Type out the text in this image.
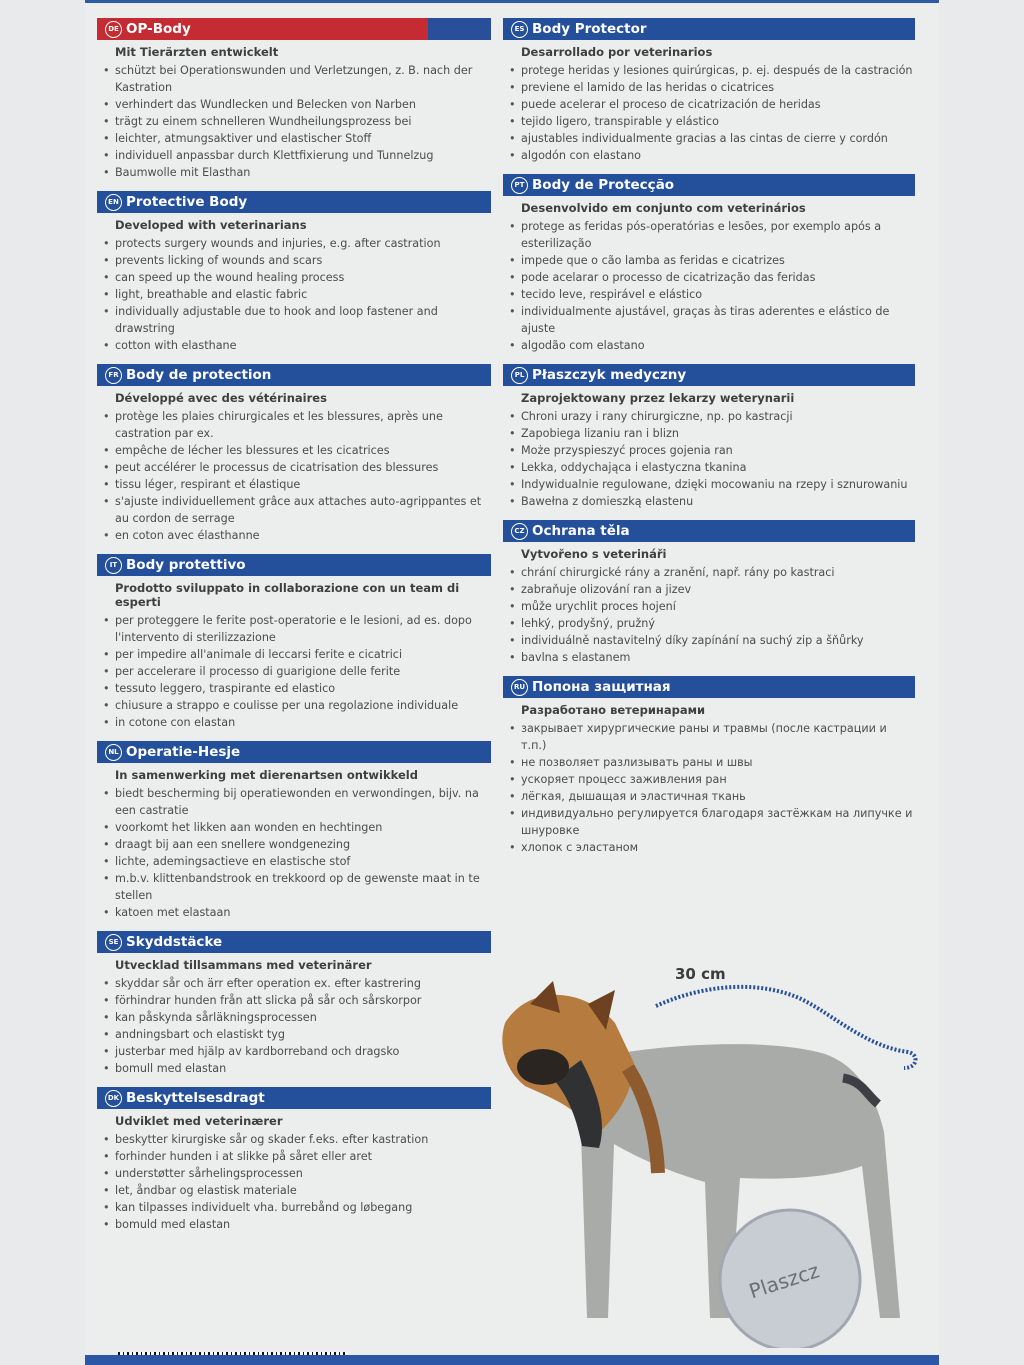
DE OP-Body
Mit Tierärzten entwickelt
• schützt bei Operationswunden und Verletzungen, z. B. nach der Kastration
• verhindert das Wundlecken und Belecken von Narben
• trägt zu einem schnelleren Wundheilungsprozess bei
• leichter, atmungsaktiver und elastischer Stoff
• individuell anpassbar durch Klettfixierung und Tunnelzug
• Baumwolle mit Elasthan
EN Protective Body
Developed with veterinarians
• protects surgery wounds and injuries, e.g. after castration
• prevents licking of wounds and scars
• can speed up the wound healing process
• light, breathable and elastic fabric
• individually adjustable due to hook and loop fastener and drawstring
• cotton with elasthane
FR Body de protection
Développé avec des vétérinaires
• protège les plaies chirurgicales et les blessures, après une castration par ex.
• empêche de lécher les blessures et les cicatrices
• peut accélérer le processus de cicatrisation des blessures
• tissu léger, respirant et élastique
• s'ajuste individuellement grâce aux attaches auto-agrippantes et au cordon de serrage
• en coton avec élasthanne
IT Body protettivo
Prodotto sviluppato in collaborazione con un team di esperti
• per proteggere le ferite post-operatorie e le lesioni, ad es. dopo l'intervento di sterilizzazione
• per impedire all'animale di leccarsi ferite e cicatrici
• per accelerare il processo di guarigione delle ferite
• tessuto leggero, traspirante ed elastico
• chiusure a strappo e coulisse per una regolazione individuale
• in cotone con elastan
NL Operatie-Hesje
In samenwerking met dierenartsen ontwikkeld
• biedt bescherming bij operatiewonden en verwondingen, bijv. na een castratie
• voorkomt het likken aan wonden en hechtingen
• draagt bij aan een snellere wondgenezing
• lichte, ademingsactieve en elastische stof
• m.b.v. klittenbandstrook en trekkoord op de gewenste maat in te stellen
• katoen met elastaan
SE Skyddstäcke
Utvecklad tillsammans med veterinärer
• skyddar sår och ärr efter operation ex. efter kastrering
• förhindrar hunden från att slicka på sår och sårskorpor
• kan påskynda sårläkningsprocessen
• andningsbart och elastiskt tyg
• justerbar med hjälp av kardborreband och dragsko
• bomull med elastan
DK Beskyttelsesdragt
Udviklet med veterinærer
• beskytter kirurgiske sår og skader f.eks. efter kastration
• forhinder hunden i at slikke på såret eller aret
• understøtter sårhelingsprocessen
• let, åndbar og elastisk materiale
• kan tilpasses individuelt vha. burrebånd og løbegang
• bomuld med elastan
ES Body Protector
Desarrollado por veterinarios
• protege heridas y lesiones quirúrgicas, p. ej. después de la castración
• previene el lamido de las heridas o cicatrices
• puede acelerar el proceso de cicatrización de heridas
• tejido ligero, transpirable y elástico
• ajustables individualmente gracias a las cintas de cierre y cordón
• algodón con elastano
PT Body de Protecção
Desenvolvido em conjunto com veterinários
• protege as feridas pós-operatórias e lesões, por exemplo após a esterilização
• impede que o cão lamba as feridas e cicatrizes
• pode acelarar o processo de cicatrização das feridas
• tecido leve, respirável e elástico
• individualmente ajustável, graças às tiras aderentes e elástico de ajuste
• algodão com elastano
PL Płaszczyk medyczny
Zaprojektowany przez lekarzy weterynarii
• Chroni urazy i rany chirurgiczne, np. po kastracji
• Zapobiega lizaniu ran i blizn
• Może przyspieszyć proces gojenia ran
• Lekka, oddychająca i elastyczna tkanina
• Indywidualnie regulowane, dzięki mocowaniu na rzepy i sznurowaniu
• Bawełna z domieszką elastenu
CZ Ochrana těla
Vytvořeno s veterináři
• chrání chirurgické rány a zranění, např. rány po kastraci
• zabraňuje olizování ran a jizev
• může urychlit proces hojení
• lehký, prodyšný, pružný
• individuálně nastavitelný díky zapínání na suchý zip a šňůrky
• bavlna s elastanem
RU Попона защитная
Разработано ветеринарами
• закрывает хирургические раны и травмы (после кастрации и т.п.)
• не позволяет разлизывать раны и швы
• ускоряет процесс заживления ран
• лёгкая, дышащая и эластичная ткань
• индивидуально регулируется благодаря застёжкам на липучке и шнуровке
• хлопок с эластаном
30 cm
Plaszcz
